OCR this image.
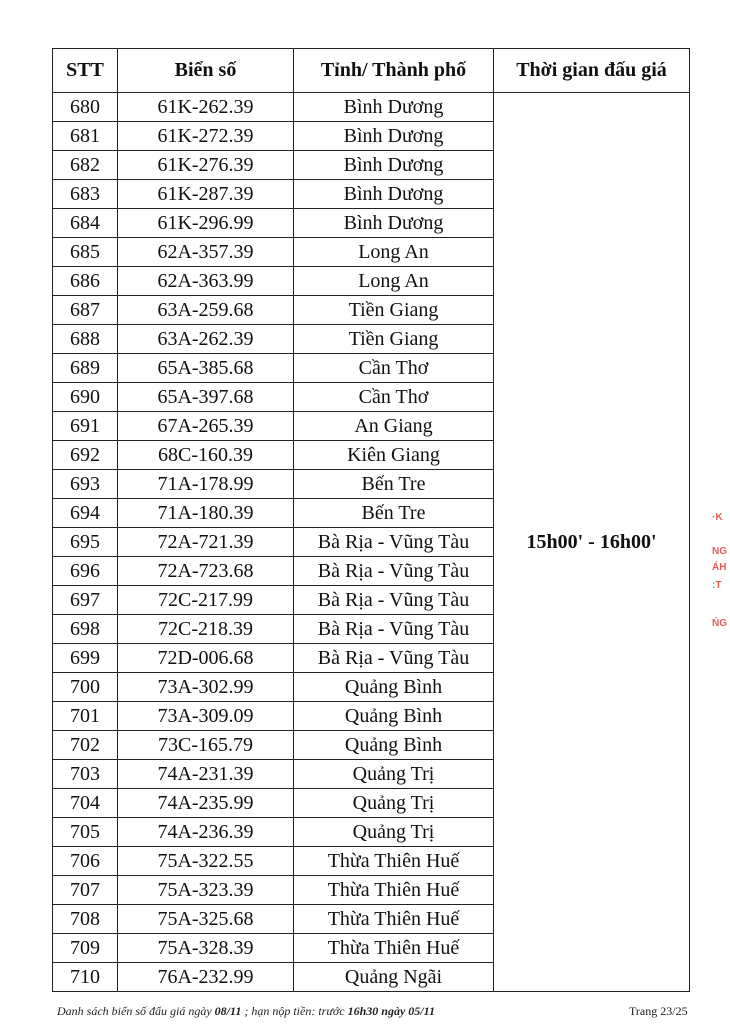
STT	Biển số	Tỉnh/ Thành phố	Thời gian đấu giá
680	61K-262.39	Bình Dương	15h00' - 16h00'
681	61K-272.39	Bình Dương	
682	61K-276.39	Bình Dương	
683	61K-287.39	Bình Dương	
684	61K-296.99	Bình Dương	
685	62A-357.39	Long An	
686	62A-363.99	Long An	
687	63A-259.68	Tiền Giang	
688	63A-262.39	Tiền Giang	
689	65A-385.68	Cần Thơ	
690	65A-397.68	Cần Thơ	
691	67A-265.39	An Giang	
692	68C-160.39	Kiên Giang	
693	71A-178.99	Bến Tre	
694	71A-180.39	Bến Tre	
695	72A-721.39	Bà Rịa - Vũng Tàu	
696	72A-723.68	Bà Rịa - Vũng Tàu	
697	72C-217.99	Bà Rịa - Vũng Tàu	
698	72C-218.39	Bà Rịa - Vũng Tàu	
699	72D-006.68	Bà Rịa - Vũng Tàu	
700	73A-302.99	Quảng Bình	
701	73A-309.09	Quảng Bình	
702	73C-165.79	Quảng Bình	
703	74A-231.39	Quảng Trị	
704	74A-235.99	Quảng Trị	
705	74A-236.39	Quảng Trị	
706	75A-322.55	Thừa Thiên Huế	
707	75A-323.39	Thừa Thiên Huế	
708	75A-325.68	Thừa Thiên Huế	
709	75A-328.39	Thừa Thiên Huế	
710	76A-232.99	Quảng Ngãi	
Danh sách biển số đấu giá ngày 08/11 ; hạn nộp tiền: trước 16h30 ngày 05/11	Trang 23/25
·K
NG
ÁH
ːT
ŃG
